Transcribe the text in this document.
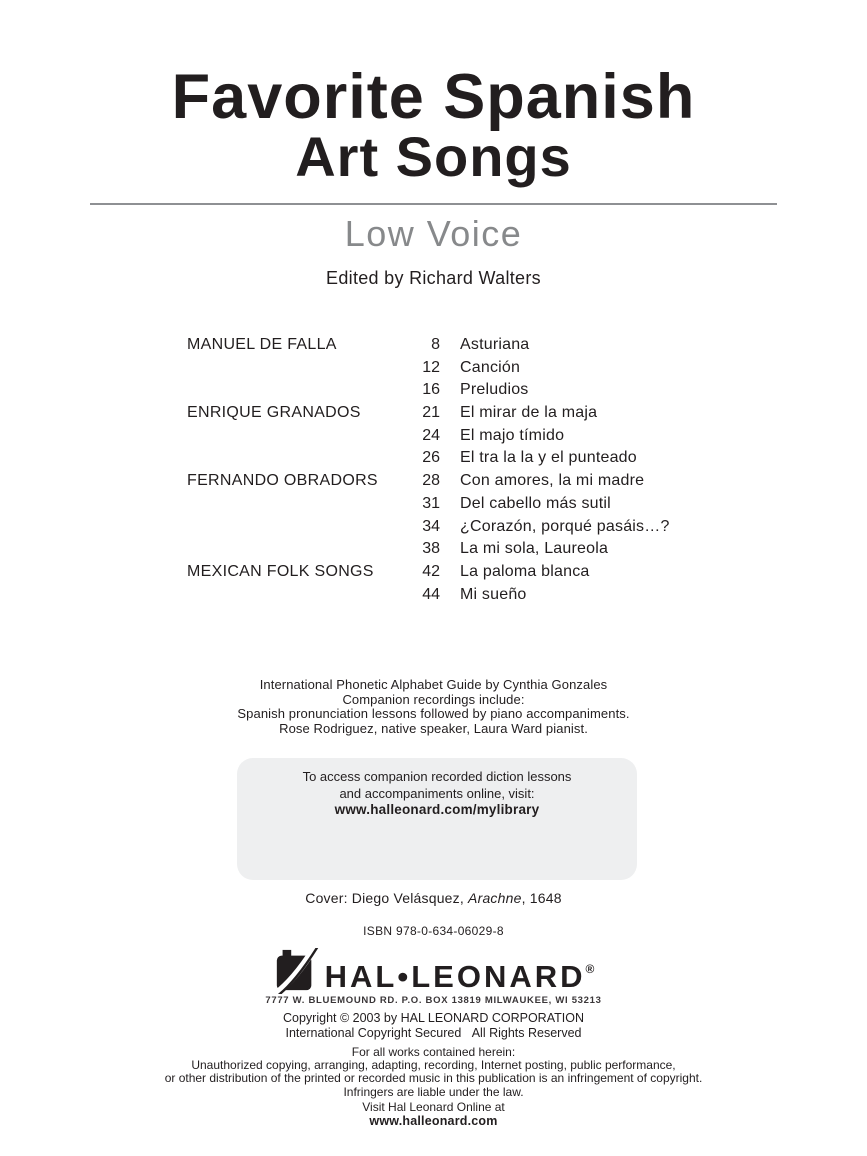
Favorite Spanish
Art Songs
Low Voice
Edited by Richard Walters
MANUEL DE FALLA	8 Asturiana
12 Canción
16 Preludios
ENRIQUE GRANADOS	21 El mirar de la maja
24 El majo tímido
26 El tra la la y el punteado
FERNANDO OBRADORS	28 Con amores, la mi madre
31 Del cabello más sutil
34 ¿Corazón, porqué pasáis…?
38 La mi sola, Laureola
MEXICAN FOLK SONGS	42 La paloma blanca
44 Mi sueño
International Phonetic Alphabet Guide by Cynthia Gonzales
Companion recordings include:
Spanish pronunciation lessons followed by piano accompaniments.
Rose Rodriguez, native speaker, Laura Ward pianist.
To access companion recorded diction lessons
and accompaniments online, visit:
www.halleonard.com/mylibrary
Cover: Diego Velásquez, Arachne, 1648
ISBN 978-0-634-06029-8
HAL•LEONARD®
7777 W. BLUEMOUND RD. P.O. BOX 13819 MILWAUKEE, WI 53213
Copyright © 2003 by HAL LEONARD CORPORATION
International Copyright Secured   All Rights Reserved
For all works contained herein:
Unauthorized copying, arranging, adapting, recording, Internet posting, public performance,
or other distribution of the printed or recorded music in this publication is an infringement of copyright.
Infringers are liable under the law.
Visit Hal Leonard Online at
www.halleonard.com
